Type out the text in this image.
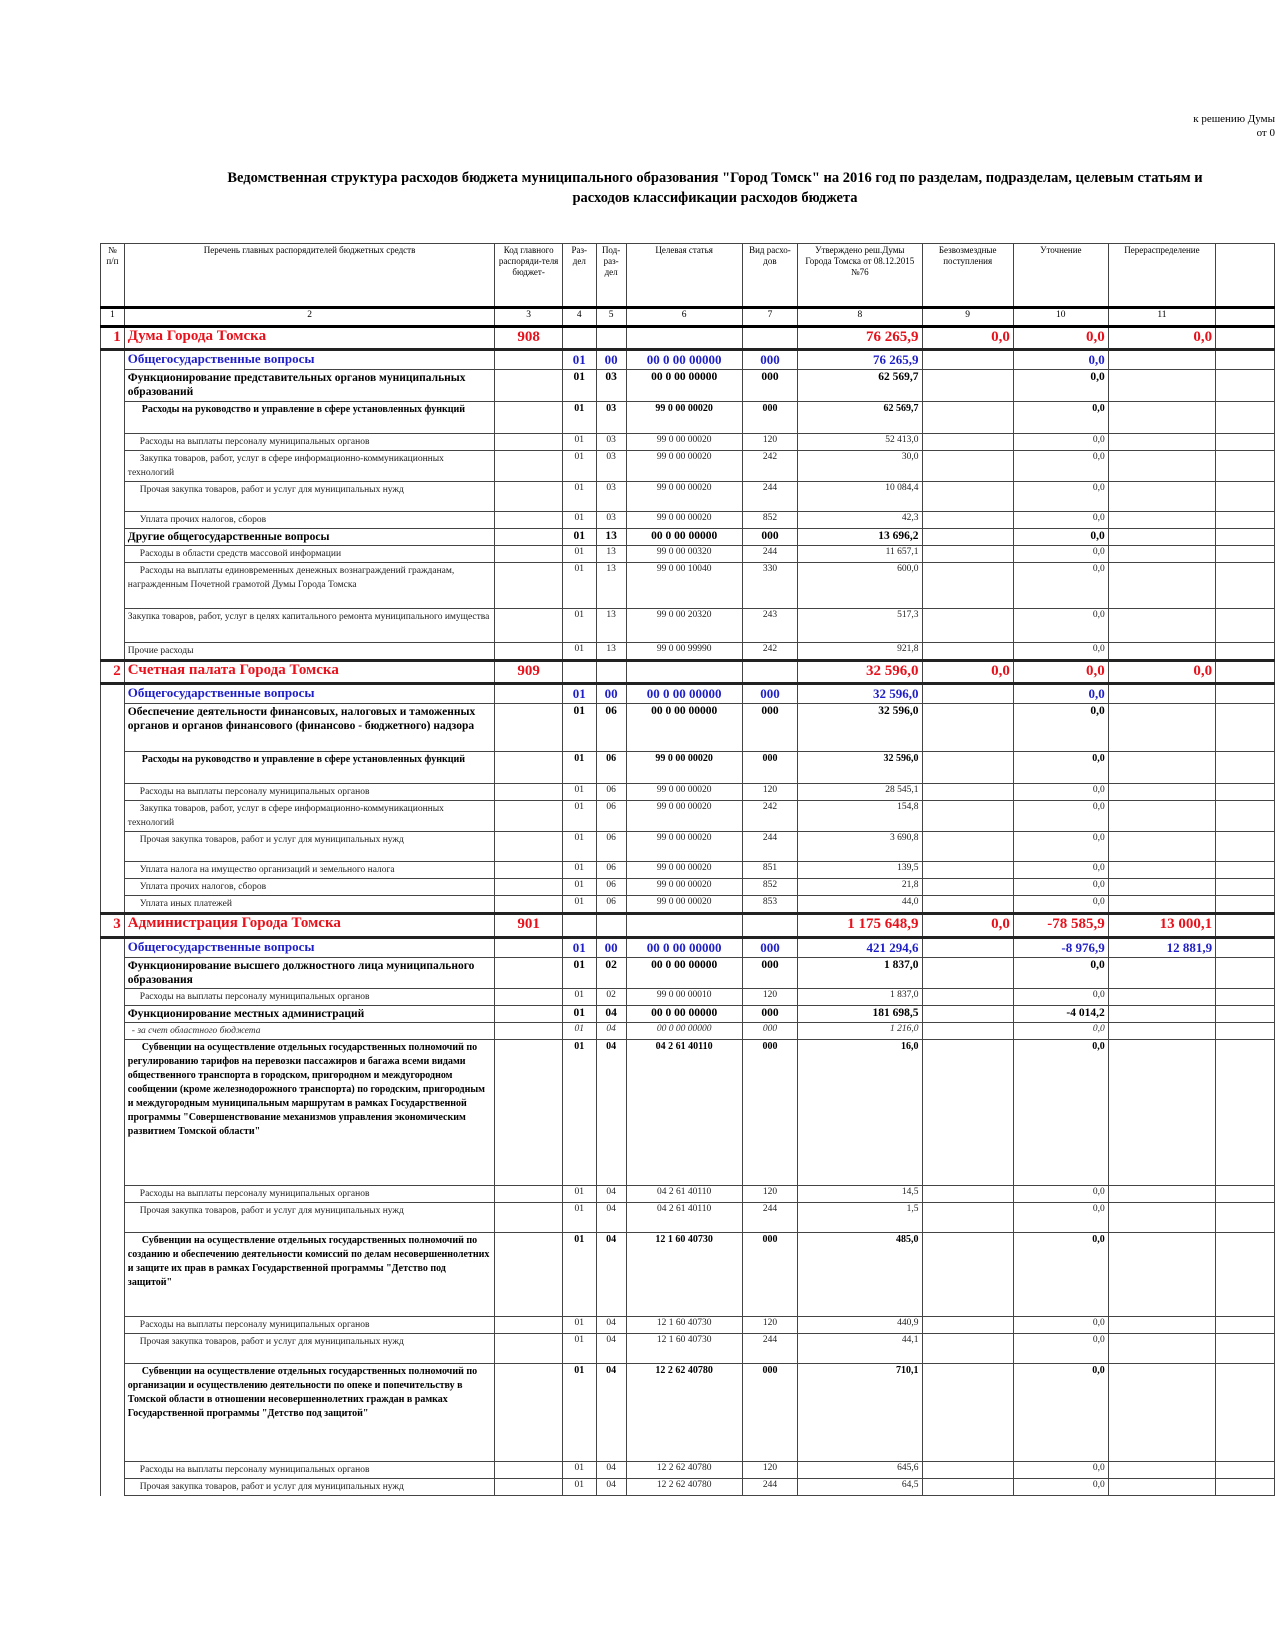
к решению Думы
от 0
Ведомственная структура расходов бюджета муниципального образования "Город Томск" на 2016 год по разделам, подразделам, целевым статьям и
расходов классификации расходов бюджета
№ п/п	Перечень главных распорядителей бюджетных средств	Код главного распоряди-теля бюджет-	Раз-дел	Под-раз-дел	Целевая статья	Вид расхо-дов	Утверждено реш.Думы Города Томска от 08.12.2015 №76	Безвозмездные поступления	Уточнение	Перераспределение	
1	2	3	4	5	6	7	8	9	10	11	
1	Дума Города Томска	908					76 265,9	0,0	0,0	0,0	
	Общегосударственные вопросы		01	00	00 0 00 00000	000	76 265,9		0,0		
	Функционирование представительных органов муниципальных образований		01	03	00 0 00 00000	000	62 569,7		0,0		
	Расходы на руководство и управление в сфере установленных функций		01	03	99 0 00 00020	000	62 569,7		0,0		
	Расходы на выплаты персоналу муниципальных органов		01	03	99 0 00 00020	120	52 413,0		0,0		
	Закупка товаров, работ, услуг в сфере информационно-коммуникационных технологий		01	03	99 0 00 00020	242	30,0		0,0		
	Прочая закупка товаров, работ и услуг для муниципальных нужд		01	03	99 0 00 00020	244	10 084,4		0,0		
	Уплата прочих налогов, сборов		01	03	99 0 00 00020	852	42,3		0,0		
	Другие общегосударственные вопросы		01	13	00 0 00 00000	000	13 696,2		0,0		
	Расходы в области средств массовой информации		01	13	99 0 00 00320	244	11 657,1		0,0		
	Расходы на выплаты единовременных денежных вознаграждений гражданам, награжденным Почетной грамотой Думы Города Томска		01	13	99 0 00 10040	330	600,0		0,0		
	Закупка товаров, работ, услуг в целях капитального ремонта муниципального имущества		01	13	99 0 00 20320	243	517,3		0,0		
	Прочие расходы		01	13	99 0 00 99990	242	921,8		0,0		
2	Счетная палата Города Томска	909					32 596,0	0,0	0,0	0,0	
	Общегосударственные вопросы		01	00	00 0 00 00000	000	32 596,0		0,0		
	Обеспечение деятельности финансовых, налоговых и таможенных органов и органов финансового (финансово - бюджетного) надзора		01	06	00 0 00 00000	000	32 596,0		0,0		
	Расходы на руководство и управление в сфере установленных функций		01	06	99 0 00 00020	000	32 596,0		0,0		
	Расходы на выплаты персоналу муниципальных органов		01	06	99 0 00 00020	120	28 545,1		0,0		
	Закупка товаров, работ, услуг в сфере информационно-коммуникационных технологий		01	06	99 0 00 00020	242	154,8		0,0		
	Прочая закупка товаров, работ и услуг для муниципальных нужд		01	06	99 0 00 00020	244	3 690,8		0,0		
	Уплата налога на имущество организаций и земельного налога		01	06	99 0 00 00020	851	139,5		0,0		
	Уплата прочих налогов, сборов		01	06	99 0 00 00020	852	21,8		0,0		
	Уплата иных платежей		01	06	99 0 00 00020	853	44,0		0,0		
3	Администрация Города Томска	901					1 175 648,9	0,0	-78 585,9	13 000,1	
	Общегосударственные вопросы		01	00	00 0 00 00000	000	421 294,6		-8 976,9	12 881,9	
	Функционирование высшего должностного лица муниципального образования		01	02	00 0 00 00000	000	1 837,0		0,0		
	Расходы на выплаты персоналу муниципальных органов		01	02	99 0 00 00010	120	1 837,0		0,0		
	Функционирование местных администраций		01	04	00 0 00 00000	000	181 698,5		-4 014,2		
	- за счет областного бюджета		01	04	00 0 00 00000	000	1 216,0		0,0		
	Субвенции на осуществление отдельных государственных полномочий по регулированию тарифов на перевозки пассажиров и багажа всеми видами общественного транспорта в городском, пригородном и междугородном сообщении (кроме железнодорожного транспорта) по городским, пригородным и междугородным муниципальным маршрутам в рамках Государственной программы "Совершенствование механизмов управления экономическим развитием Томской области"		01	04	04 2 61 40110	000	16,0		0,0		
	Расходы на выплаты персоналу муниципальных органов		01	04	04 2 61 40110	120	14,5		0,0		
	Прочая закупка товаров, работ и услуг для муниципальных нужд		01	04	04 2 61 40110	244	1,5		0,0		
	Субвенции на осуществление отдельных государственных полномочий по созданию и обеспечению деятельности комиссий по делам несовершеннолетних и защите их прав в рамках Государственной программы "Детство под защитой"		01	04	12 1 60 40730	000	485,0		0,0		
	Расходы на выплаты персоналу муниципальных органов		01	04	12 1 60 40730	120	440,9		0,0		
	Прочая закупка товаров, работ и услуг для муниципальных нужд		01	04	12 1 60 40730	244	44,1		0,0		
	Субвенции на осуществление отдельных государственных полномочий по организации и осуществлению деятельности по опеке и попечительству в Томской области в отношении несовершеннолетних граждан в рамках Государственной программы "Детство под защитой"		01	04	12 2 62 40780	000	710,1		0,0		
	Расходы на выплаты персоналу муниципальных органов		01	04	12 2 62 40780	120	645,6		0,0		
	Прочая закупка товаров, работ и услуг для муниципальных нужд		01	04	12 2 62 40780	244	64,5		0,0		
